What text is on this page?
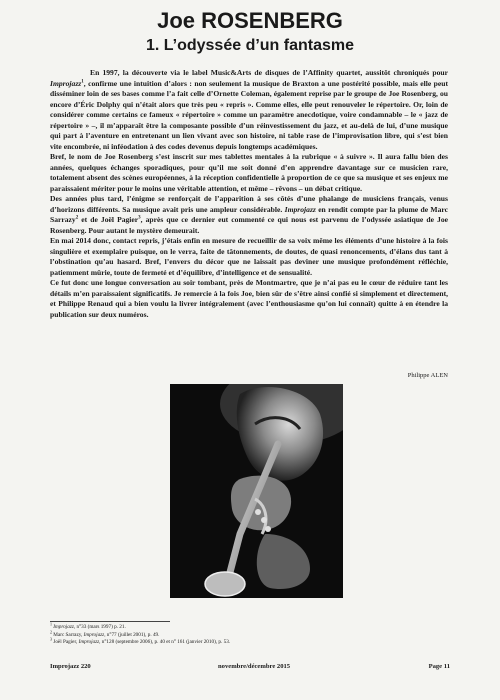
Joe ROSENBERG
1. L’odyssée d’un fantasme

En 1997, la découverte via le label Music&Arts de disques de l’Affinity quartet, aussitôt chroniqués pour Improjazz$^1$, confirme une intuition d’alors : non seulement la musique de Braxton a une postérité possible, mais elle peut disséminer loin de ses bases comme l’a fait celle d’Ornette Coleman, également reprise par le groupe de Joe Rosenberg, ou encore d’Éric Dolphy qui n’était alors que très peu « repris ». Comme elles, elle peut renouveler le répertoire. Or, loin de considérer comme certains ce fameux « répertoire » comme un paramètre anecdotique, voire condamnable – le « jazz de répertoire » –, il m’apparaît être la composante possible d’un réinvestissement du jazz, et au-delà de lui, d’une musique qui part à l’aventure en entretenant un lien vivant avec son histoire, ni table rase de l’improvisation libre, qui s’est bien vite encombrée, ni inféodation à des codes devenus depuis longtemps académiques.

Bref, le nom de Joe Rosenberg s’est inscrit sur mes tablettes mentales à la rubrique « à suivre ». Il aura fallu bien des années, quelques échanges sporadiques, pour qu’il me soit donné d’en apprendre davantage sur ce musicien rare, totalement absent des scènes européennes, à la réception confidentielle à proportion de ce que sa musique et ses enjeux me paraissaient mériter pour le moins une véritable attention, et même – rêvons – un débat critique.

Des années plus tard, l’énigme se renforçait de l’apparition à ses côtés d’une phalange de musiciens français, venus d’horizons différents. Sa musique avait pris une ampleur considérable. Improjazz en rendit compte par la plume de Marc Sarrazy$^2$ et de Joël Pagier$^3$, après que ce dernier eut commenté ce qui nous est parvenu de l’odyssée asiatique de Joe Rosenberg. Pour autant le mystère demeurait.

En mai 2014 donc, contact repris, j’étais enfin en mesure de recueillir de sa voix même les éléments d’une histoire à la fois singulière et exemplaire puisque, on le verra, faite de tâtonnements, de doutes, de quasi renoncements, d’élans dus tant à l’obstination qu’au hasard. Bref, l’envers du décor que ne laissait pas deviner une musique profondément réfléchie, patiemment mûrie, toute de fermeté et d’équilibre, d’intelligence et de sensualité.

Ce fut donc une longue conversation au soir tombant, près de Montmartre, que je n’ai pas eu le cœur de réduire tant les détails m’en paraissaient significatifs. Je remercie à la fois Joe, bien sûr de s’être ainsi confié si simplement et directement, et Philippe Renaud qui a bien voulu la livrer intégralement (avec l’enthousiasme qu’on lui connaît) quitte à en étendre la publication sur deux numéros.

Philippe ALEN
$^1$ Improjazz, n°33 (mars 1997) p. 21.
$^2$ Marc Sarrazy, Improjazz, n°77 (juillet 2001), p. 49.
$^3$ Joël Pagier, Improjazz, n°128 (septembre 2006), p. 40 et n° 161 (janvier 2010), p. 53.
Improjazz 220	novembre/décembre 2015	Page 11
